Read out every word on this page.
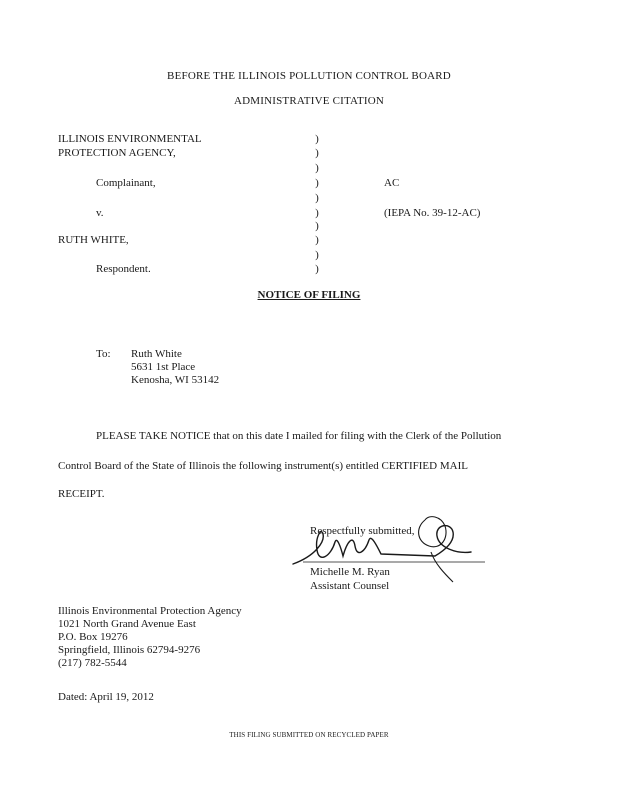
BEFORE THE ILLINOIS POLLUTION CONTROL BOARD
ADMINISTRATIVE CITATION
ILLINOIS ENVIRONMENTAL
PROTECTION AGENCY,
Complainant,
v.
RUTH WHITE,
Respondent.
)
)
)
)
)
)
)
)
)
)
AC
(IEPA No. 39-12-AC)
NOTICE OF FILING
To: Ruth White
5631 1st Place
Kenosha, WI 53142
PLEASE TAKE NOTICE that on this date I mailed for filing with the Clerk of the Pollution
Control Board of the State of Illinois the following instrument(s) entitled CERTIFIED MAIL
RECEIPT.
Respectfully submitted,
Michelle M. Ryan
Assistant Counsel
Illinois Environmental Protection Agency
1021 North Grand Avenue East
P.O. Box 19276
Springfield, Illinois 62794-9276
(217) 782-5544
Dated: April 19, 2012
THIS FILING SUBMITTED ON RECYCLED PAPER
